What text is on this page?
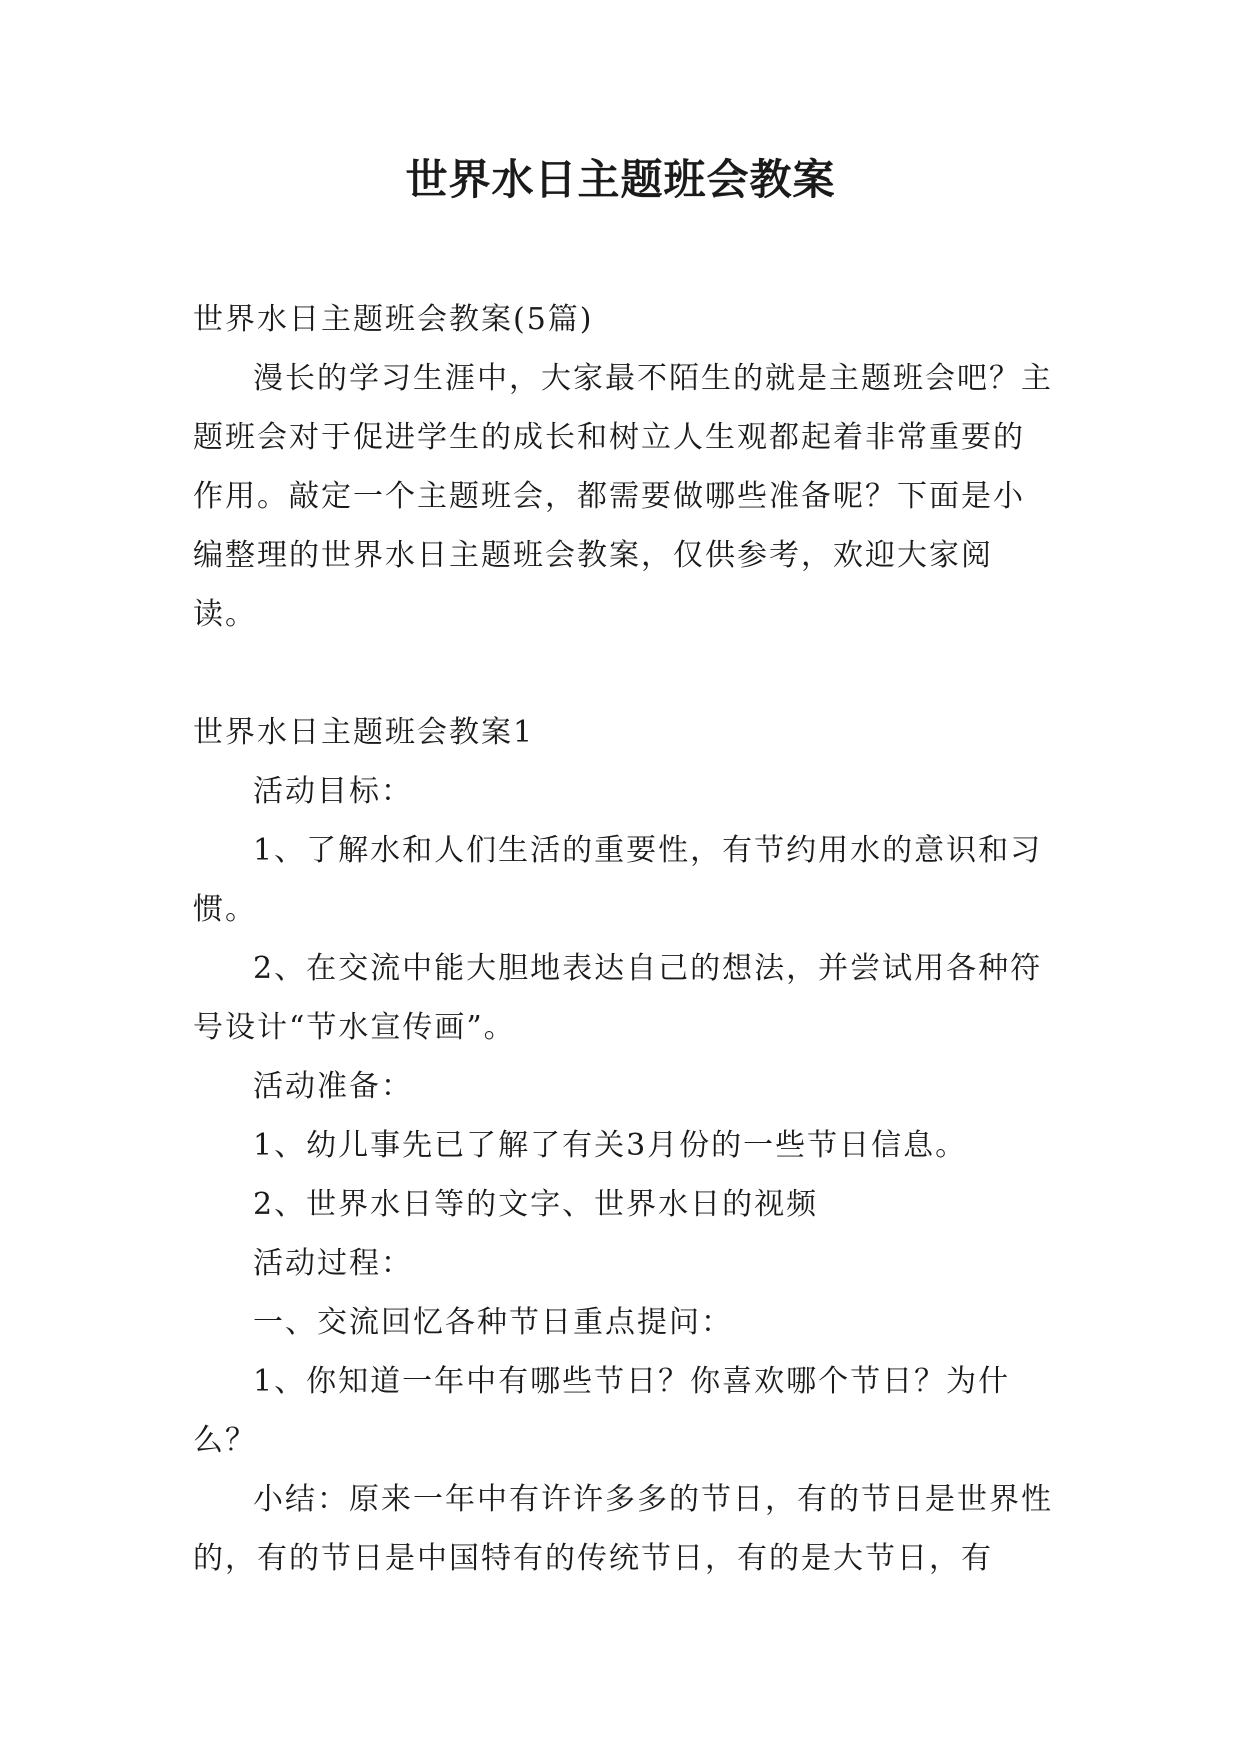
世界水日主题班会教案

世界水日主题班会教案(5篇)

漫长的学习生涯中，大家最不陌生的就是主题班会吧？主题班会对于促进学生的成长和树立人生观都起着非常重要的作用。敲定一个主题班会，都需要做哪些准备呢？下面是小编整理的世界水日主题班会教案，仅供参考，欢迎大家阅读。

世界水日主题班会教案1

活动目标：

1、了解水和人们生活的重要性，有节约用水的意识和习惯。

2、在交流中能大胆地表达自己的想法，并尝试用各种符号设计“节水宣传画”。

活动准备：

1、幼儿事先已了解了有关3月份的一些节日信息。

2、世界水日等的文字、世界水日的视频

活动过程：

一、交流回忆各种节日重点提问：

1、你知道一年中有哪些节日？你喜欢哪个节日？为什么？

小结：原来一年中有许许多多的节日，有的节日是世界性的，有的节日是中国特有的传统节日，有的是大节日，有
